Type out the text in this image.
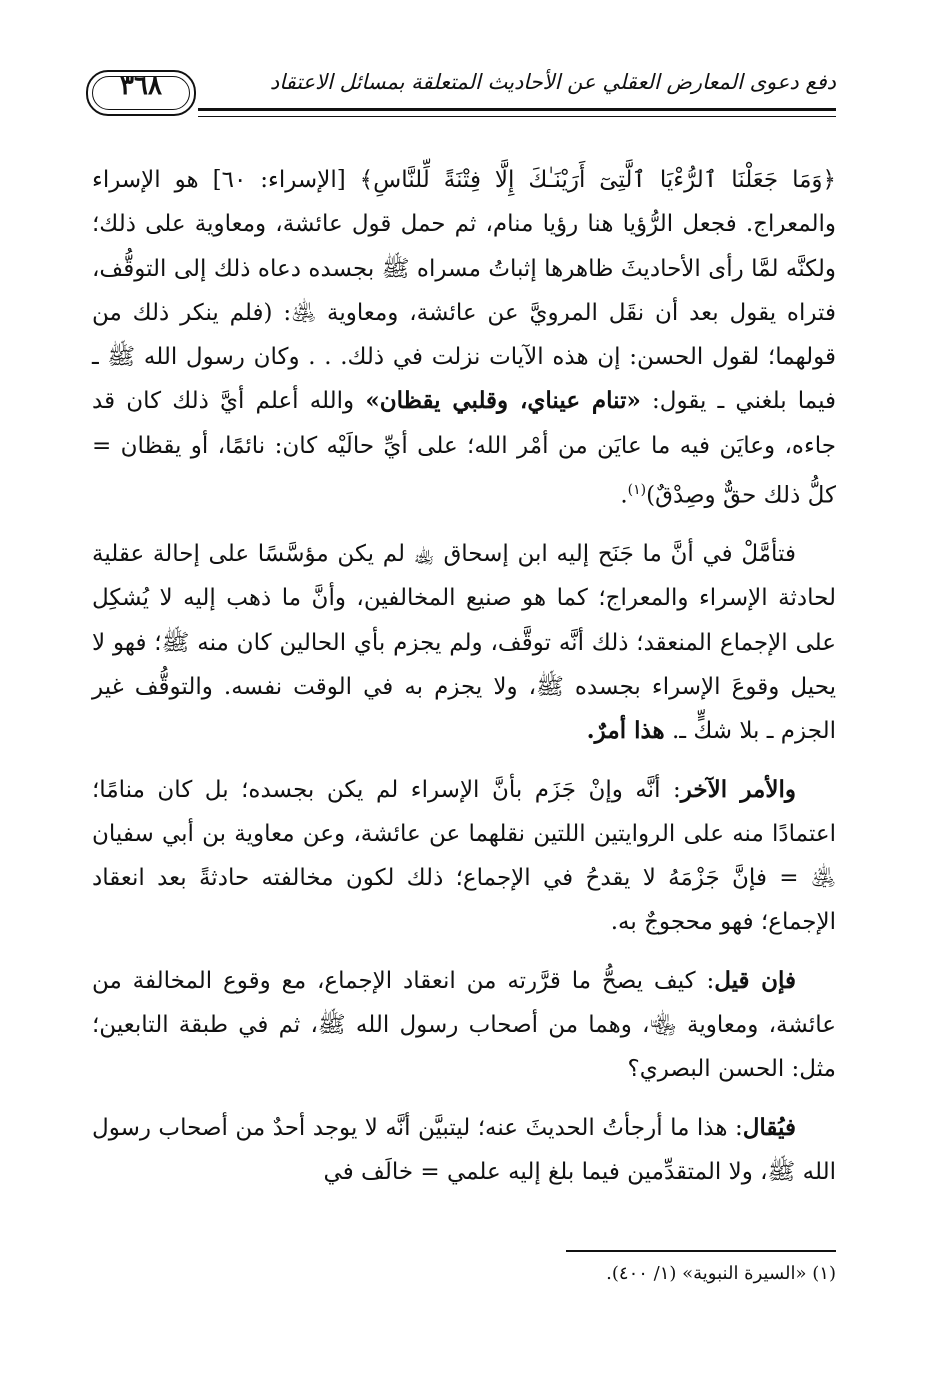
٣٦٨	دفع دعوى المعارض العقلي عن الأحاديث المتعلقة بمسائل الاعتقاد

﴿وَمَا جَعَلْنَا ٱلرُّءْيَا ٱلَّتِىٓ أَرَيْنَـٰكَ إِلَّا فِتْنَةً لِّلنَّاسِ﴾ [الإسراء: ٦٠] هو الإسراء والمعراج. فجعل الرُّؤيا هنا رؤيا منام، ثم حمل قول عائشة، ومعاوية على ذلك؛ ولكنَّه لمَّا رأى الأحاديثَ ظاهرها إثباتُ مسراه ﷺ بجسده دعاه ذلك إلى التوقُّف، فتراه يقول بعد أن نقَل المرويَّ عن عائشة، ومعاوية ﵁: (فلم ينكر ذلك من قولهما؛ لقول الحسن: إن هذه الآيات نزلت في ذلك. . . وكان رسول الله ﷺ ـ فيما بلغني ـ يقول: «تنام عيناي، وقلبي يقظان» والله أعلم أيَّ ذلك كان قد جاءه، وعايَن فيه ما عايَن من أمْر الله؛ على أيِّ حالَيْه كان: نائمًا، أو يقظان = كلُّ ذلك حقٌّ وصِدْقٌ)$^{(١)}$.

فتأمَّلْ في أنَّ ما جَنَح إليه ابن إسحاق ﵀ لم يكن مؤسَّسًا على إحالة عقلية لحادثة الإسراء والمعراج؛ كما هو صنيع المخالفين، وأنَّ ما ذهب إليه لا يُشكِل على الإجماع المنعقد؛ ذلك أنَّه توقَّف، ولم يجزم بأي الحالين كان منه ﷺ؛ فهو لا يحيل وقوعَ الإسراء بجسده ﷺ، ولا يجزم به في الوقت نفسه. والتوقُّف غير الجزم ـ بلا شكٍّ ـ. هذا أمرٌ.

والأمر الآخر: أنَّه وإنْ جَزَم بأنَّ الإسراء لم يكن بجسده؛ بل كان منامًا؛ اعتمادًا منه على الروايتين اللتين نقلهما عن عائشة، وعن معاوية بن أبي سفيان ﵁ = فإنَّ جَزْمَهُ لا يقدحُ في الإجماع؛ ذلك لكون مخالفته حادثةً بعد انعقاد الإجماع؛ فهو محجوجٌ به.

فإن قيل: كيف يصحُّ ما قرَّرته من انعقاد الإجماع، مع وقوع المخالفة من عائشة، ومعاوية ﵄، وهما من أصحاب رسول الله ﷺ، ثم في طبقة التابعين؛ مثل: الحسن البصري؟

فيُقال: هذا ما أرجأتُ الحديثَ عنه؛ ليتبيَّن أنَّه لا يوجد أحدٌ من أصحاب رسول الله ﷺ، ولا المتقدِّمين فيما بلغ إليه علمي = خالَف في

(١) «السيرة النبوية» (١/ ٤٠٠).
